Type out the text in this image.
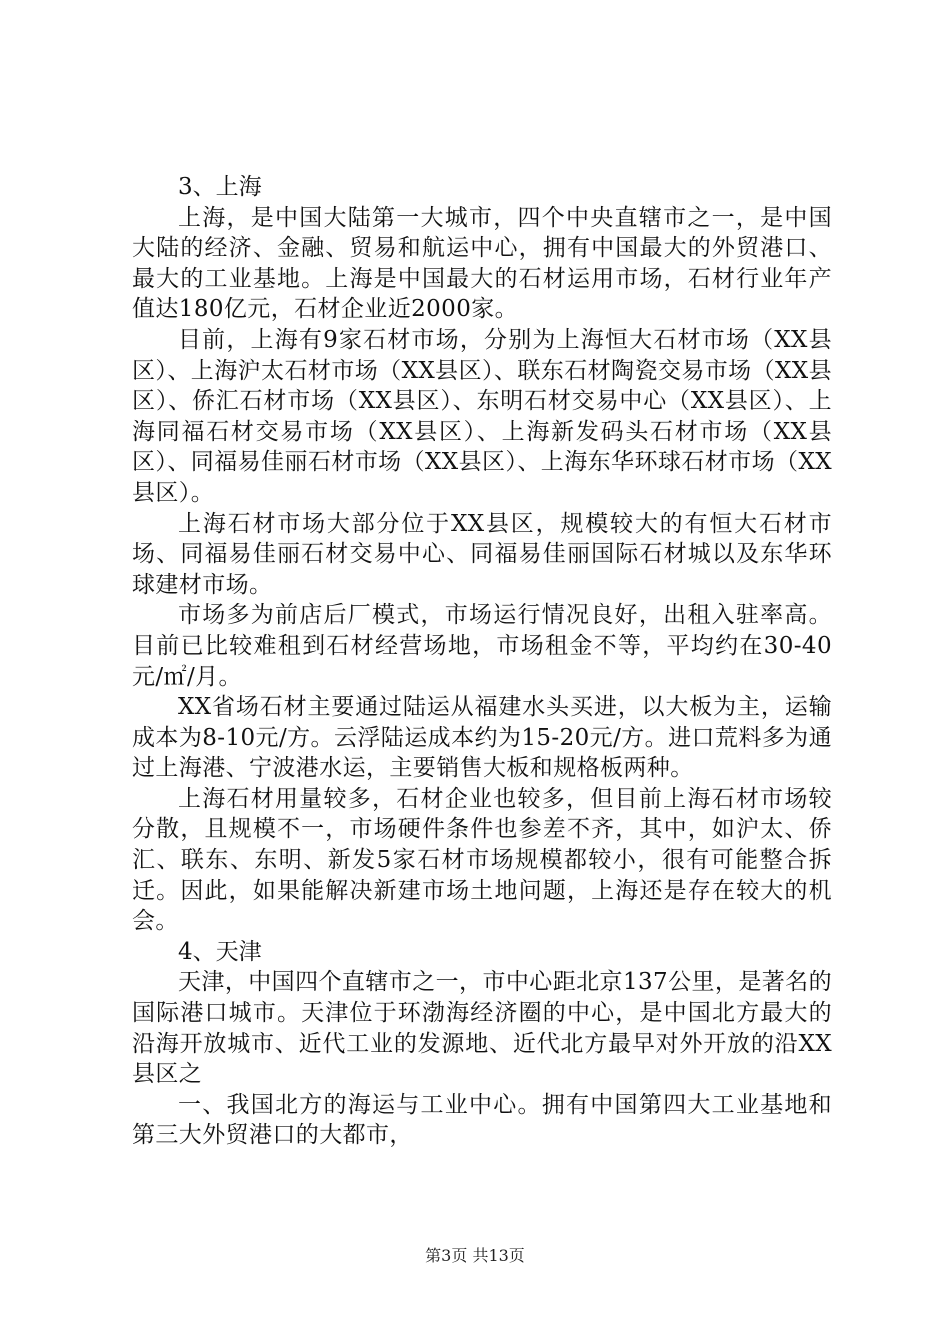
3、上海

上海，是中国大陆第一大城市，四个中央直辖市之一，是中国大陆的经济、金融、贸易和航运中心，拥有中国最大的外贸港口、最大的工业基地。上海是中国最大的石材运用市场，石材行业年产值达180亿元，石材企业近2000家。

目前，上海有9家石材市场，分别为上海恒大石材市场（XX县区）、上海沪太石材市场（XX县区）、联东石材陶瓷交易市场（XX县区）、侨汇石材市场（XX县区）、东明石材交易中心（XX县区）、上海同福石材交易市场（XX县区）、上海新发码头石材市场（XX县区）、同福易佳丽石材市场（XX县区）、上海东华环球石材市场（XX县区）。

上海石材市场大部分位于XX县区，规模较大的有恒大石材市场、同福易佳丽石材交易中心、同福易佳丽国际石材城以及东华环球建材市场。

市场多为前店后厂模式，市场运行情况良好，出租入驻率高。目前已比较难租到石材经营场地，市场租金不等，平均约在30-40元/㎡/月。

XX省场石材主要通过陆运从福建水头买进，以大板为主，运输成本为8-10元/方。云浮陆运成本约为15-20元/方。进口荒料多为通过上海港、宁波港水运，主要销售大板和规格板两种。

上海石材用量较多，石材企业也较多，但目前上海石材市场较分散，且规模不一，市场硬件条件也参差不齐，其中，如沪太、侨汇、联东、东明、新发5家石材市场规模都较小，很有可能整合拆迁。因此，如果能解决新建市场土地问题，上海还是存在较大的机会。

4、天津

天津，中国四个直辖市之一，市中心距北京137公里，是著名的国际港口城市。天津位于环渤海经济圈的中心，是中国北方最大的沿海开放城市、近代工业的发源地、近代北方最早对外开放的沿XX县区之

一、我国北方的海运与工业中心。拥有中国第四大工业基地和第三大外贸港口的大都市，

第3页 共13页
